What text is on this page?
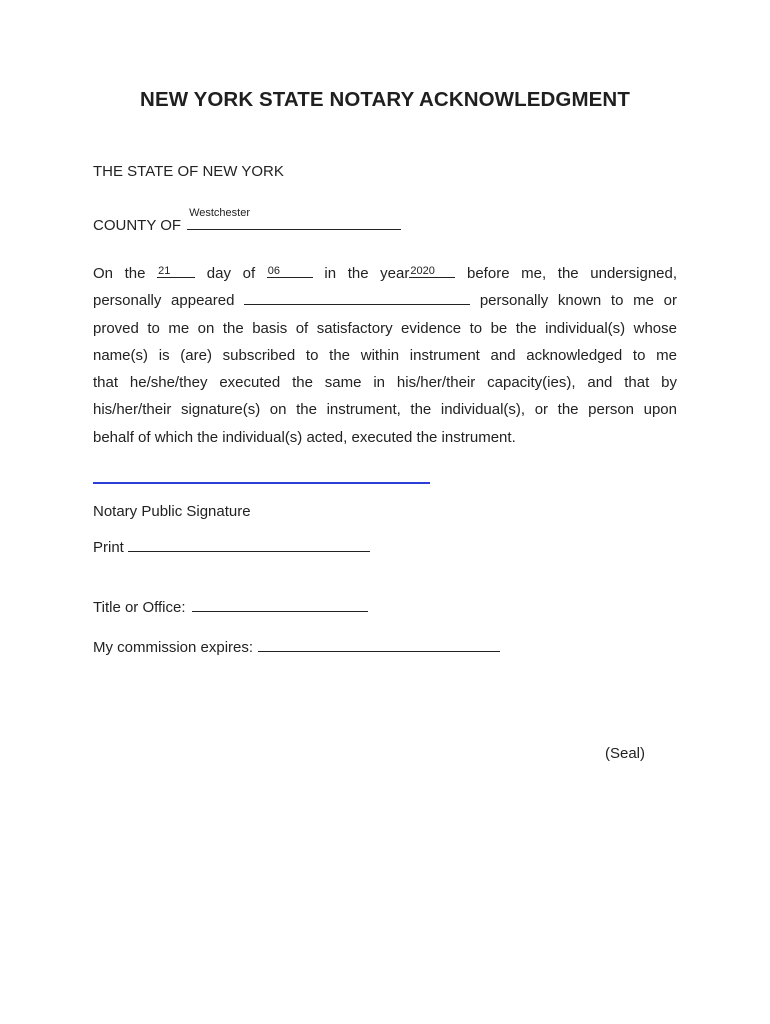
NEW YORK STATE NOTARY ACKNOWLEDGMENT
THE STATE OF NEW YORK
COUNTY OF
Westchester
On the 21 day of 06	in the year 2020 before me, the undersigned,
personally appeared	personally known to me or
proved to me on the basis of satisfactory evidence to be the individual(s) whose
name(s) is (are) subscribed to the within instrument and acknowledged to me
that he/she/they executed the same in his/her/their capacity(ies), and that by
his/her/their signature(s) on the instrument, the individual(s), or the person upon
behalf of which the individual(s) acted, executed the instrument.
Notary Public Signature
Print
Title or Office:
My commission expires:
(Seal)
